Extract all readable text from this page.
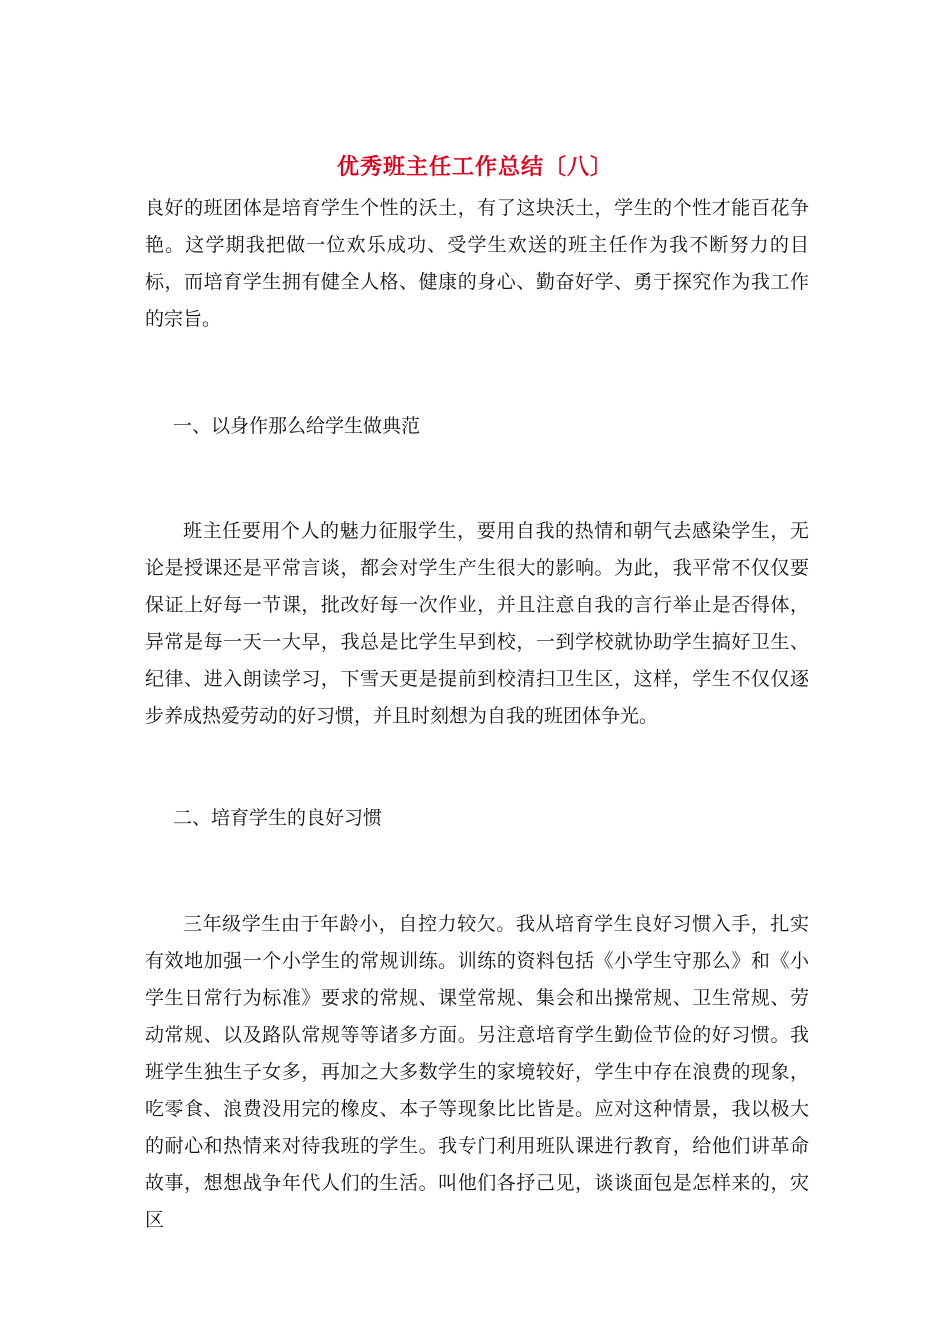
优秀班主任工作总结〔八〕

良好的班团体是培育学生个性的沃土，有了这块沃土，学生的个性才能百花争艳。这学期我把做一位欢乐成功、受学生欢送的班主任作为我不断努力的目标，而培育学生拥有健全人格、健康的身心、勤奋好学、勇于探究作为我工作的宗旨。

一、以身作那么给学生做典范

班主任要用个人的魅力征服学生，要用自我的热情和朝气去感染学生，无论是授课还是平常言谈，都会对学生产生很大的影响。为此，我平常不仅仅要保证上好每一节课，批改好每一次作业，并且注意自我的言行举止是否得体，异常是每一天一大早，我总是比学生早到校，一到学校就协助学生搞好卫生、纪律、进入朗读学习，下雪天更是提前到校清扫卫生区，这样，学生不仅仅逐步养成热爱劳动的好习惯，并且时刻想为自我的班团体争光。

二、培育学生的良好习惯

三年级学生由于年龄小，自控力较欠。我从培育学生良好习惯入手，扎实有效地加强一个小学生的常规训练。训练的资料包括《小学生守那么》和《小学生日常行为标准》要求的常规、课堂常规、集会和出操常规、卫生常规、劳动常规、以及路队常规等等诸多方面。另注意培育学生勤俭节俭的好习惯。我班学生独生子女多，再加之大多数学生的家境较好，学生中存在浪费的现象，吃零食、浪费没用完的橡皮、本子等现象比比皆是。应对这种情景，我以极大的耐心和热情来对待我班的学生。我专门利用班队课进行教育，给他们讲革命故事，想想战争年代人们的生活。叫他们各抒己见，谈谈面包是怎样来的，灾区
